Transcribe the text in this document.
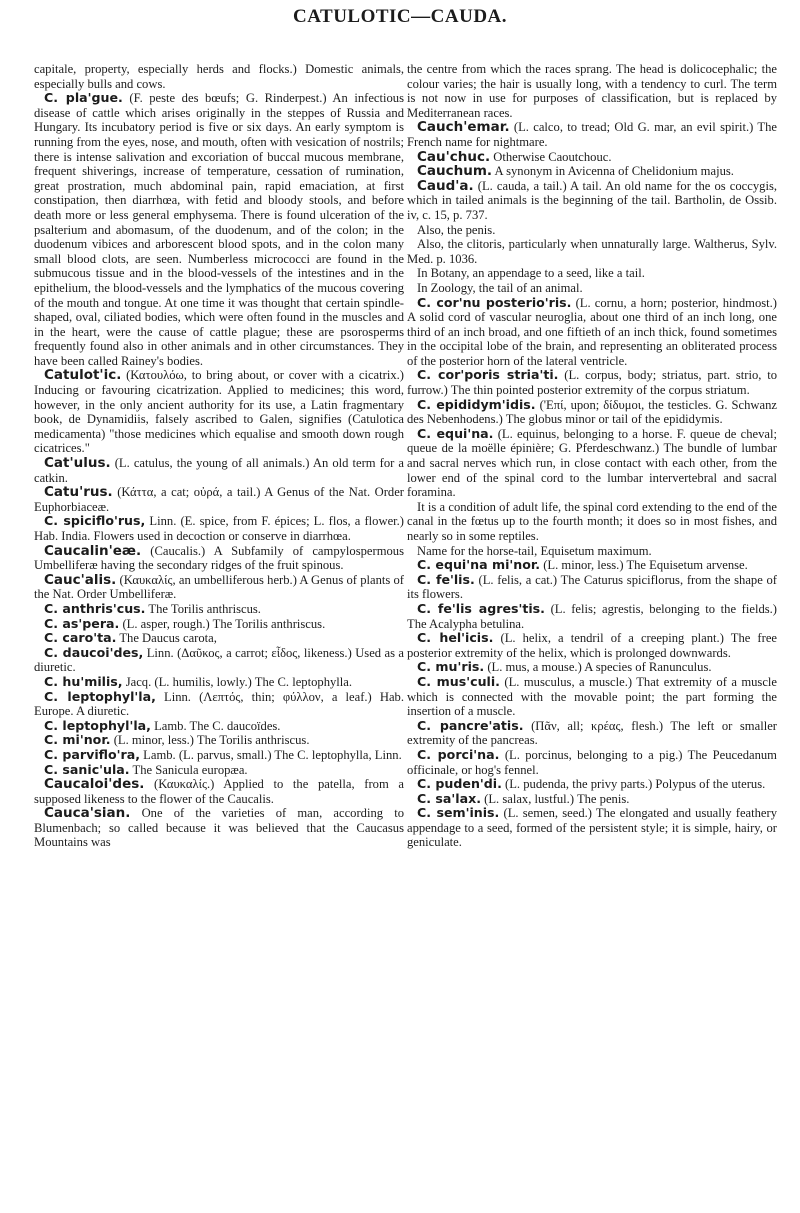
CATULOTIC—CAUDA.

capitale, property, especially herds and flocks.) Domestic animals, especially bulls and cows.

C. pla'gue. (F. peste des bœufs; G. Rinderpest.) An infectious disease of cattle which arises originally in the steppes of Russia and Hungary. Its incubatory period is five or six days. An early symptom is running from the eyes, nose, and mouth, often with vesication of nostrils; there is intense salivation and excoriation of buccal mucous membrane, frequent shiverings, increase of temperature, cessation of rumination, great prostration, much abdominal pain, rapid emaciation, at first constipation, then diarrhœa, with fetid and bloody stools, and before death more or less general emphysema. There is found ulceration of the psalterium and abomasum, of the duodenum, and of the colon; in the duodenum vibices and arborescent blood spots, and in the colon many small blood clots, are seen. Numberless micrococci are found in the submucous tissue and in the blood-vessels of the intestines and in the epithelium, the blood-vessels and the lymphatics of the mucous covering of the mouth and tongue. At one time it was thought that certain spindle-shaped, oval, ciliated bodies, which were often found in the muscles and in the heart, were the cause of cattle plague; these are psorosperms frequently found also in other animals and in other circumstances. They have been called Rainey's bodies.

Catulot'ic. (Κατουλόω, to bring about, or cover with a cicatrix.) Inducing or favouring cicatrization. Applied to medicines; this word, however, in the only ancient authority for its use, a Latin fragmentary book, de Dynamidiis, falsely ascribed to Galen, signifies (Catulotica medicamenta) "those medicines which equalise and smooth down rough cicatrices."

Cat'ulus. (L. catulus, the young of all animals.) An old term for a catkin.

Catu'rus. (Κάττα, a cat; οὐρά, a tail.) A Genus of the Nat. Order Euphorbiaceæ.

C. spiciflo'rus, Linn. (E. spice, from F. épices; L. flos, a flower.) Hab. India. Flowers used in decoction or conserve in diarrhœa.

Caucalin'eæ. (Caucalis.) A Subfamily of campylospermous Umbelliferæ having the secondary ridges of the fruit spinous.

Cauc'alis. (Καυκαλίς, an umbelliferous herb.) A Genus of plants of the Nat. Order Umbelliferæ.

C. anthris'cus. The Torilis anthriscus.

C. as'pera. (L. asper, rough.) The Torilis anthriscus.

C. caro'ta. The Daucus carota,

C. daucoi'des, Linn. (Δαῦκος, a carrot; εἶδος, likeness.) Used as a diuretic.

C. hu'milis, Jacq. (L. humilis, lowly.) The C. leptophylla.

C. leptophyl'la, Linn. (Λεπτός, thin; φύλλον, a leaf.) Hab. Europe. A diuretic.

C. leptophyl'la, Lamb. The C. daucoïdes.

C. mi'nor. (L. minor, less.) The Torilis anthriscus.

C. parviflo'ra, Lamb. (L. parvus, small.) The C. leptophylla, Linn.

C. sanic'ula. The Sanicula europæa.

Caucaloi'des. (Καυκαλίς.) Applied to the patella, from a supposed likeness to the flower of the Caucalis.

Cauca'sian. One of the varieties of man, according to Blumenbach; so called because it was believed that the Caucasus Mountains was

the centre from which the races sprang. The head is dolicocephalic; the colour varies; the hair is usually long, with a tendency to curl. The term is not now in use for purposes of classification, but is replaced by Mediterranean races.

Cauch'emar. (L. calco, to tread; Old G. mar, an evil spirit.) The French name for nightmare.

Cau'chuc. Otherwise Caoutchouc.

Cauchum. A synonym in Avicenna of Chelidonium majus.

Caud'a. (L. cauda, a tail.) A tail. An old name for the os coccygis, which in tailed animals is the beginning of the tail. Bartholin, de Ossib. iv, c. 15, p. 737.

Also, the penis.

Also, the clitoris, particularly when unnaturally large. Waltherus, Sylv. Med. p. 1036.

In Botany, an appendage to a seed, like a tail.

In Zoology, the tail of an animal.

C. cor'nu posterio'ris. (L. cornu, a horn; posterior, hindmost.) A solid cord of vascular neuroglia, about one third of an inch long, one third of an inch broad, and one fiftieth of an inch thick, found sometimes in the occipital lobe of the brain, and representing an obliterated process of the posterior horn of the lateral ventricle.

C. cor'poris stria'ti. (L. corpus, body; striatus, part. strio, to furrow.) The thin pointed posterior extremity of the corpus striatum.

C. epididym'idis. ('Επί, upon; δίδυμοι, the testicles. G. Schwanz des Nebenhodens.) The globus minor or tail of the epididymis.

C. equi'na. (L. equinus, belonging to a horse. F. queue de cheval; queue de la moëlle épinière; G. Pferdeschwanz.) The bundle of lumbar and sacral nerves which run, in close contact with each other, from the lower end of the spinal cord to the lumbar intervertebral and sacral foramina.

It is a condition of adult life, the spinal cord extending to the end of the canal in the fœtus up to the fourth month; it does so in most fishes, and nearly so in some reptiles.

Name for the horse-tail, Equisetum maximum.

C. equi'na mi'nor. (L. minor, less.) The Equisetum arvense.

C. fe'lis. (L. felis, a cat.) The Caturus spiciflorus, from the shape of its flowers.

C. fe'lis agres'tis. (L. felis; agrestis, belonging to the fields.) The Acalypha betulina.

C. hel'icis. (L. helix, a tendril of a creeping plant.) The free posterior extremity of the helix, which is prolonged downwards.

C. mu'ris. (L. mus, a mouse.) A species of Ranunculus.

C. mus'culi. (L. musculus, a muscle.) That extremity of a muscle which is connected with the movable point; the part forming the insertion of a muscle.

C. pancre'atis. (Πᾶν, all; κρέας, flesh.) The left or smaller extremity of the pancreas.

C. porci'na. (L. porcinus, belonging to a pig.) The Peucedanum officinale, or hog's fennel.

C. puden'di. (L. pudenda, the privy parts.) Polypus of the uterus.

C. sa'lax. (L. salax, lustful.) The penis.

C. sem'inis. (L. semen, seed.) The elongated and usually feathery appendage to a seed, formed of the persistent style; it is simple, hairy, or geniculate.
